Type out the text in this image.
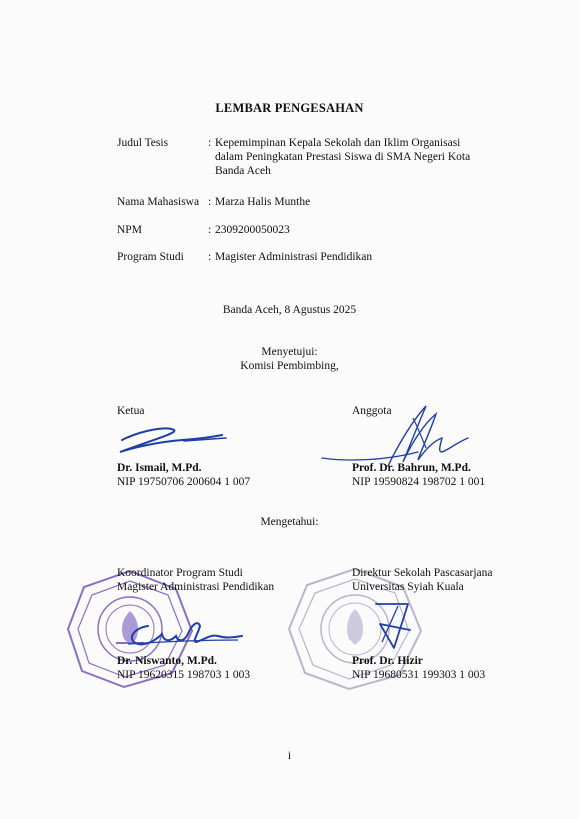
LEMBAR PENGESAHAN
Judul Tesis	: Kepemimpinan Kepala Sekolah dan Iklim Organisasi
dalam Peningkatan Prestasi Siswa di SMA Negeri Kota
Banda Aceh
Nama Mahasiswa : Marza Halis Munthe
NPM	: 2309200050023
Program Studi : Magister Administrasi Pendidikan
Banda Aceh, 8 Agustus 2025
Menyetujui:
Komisi Pembimbing,
Ketua
Dr. Ismail, M.Pd.
NIP 19750706 200604 1 007
Anggota
Prof. Dr. Bahrun, M.Pd.
NIP 19590824 198702 1 001
Mengetahui:
Koordinator Program Studi
Magister Administrasi Pendidikan
Dr. Niswanto, M.Pd.
NIP 19620315 198703 1 003
Direktur Sekolah Pascasarjana
Universitas Syiah Kuala
Prof. Dr. Hizir
NIP 19680531 199303 1 003
i
